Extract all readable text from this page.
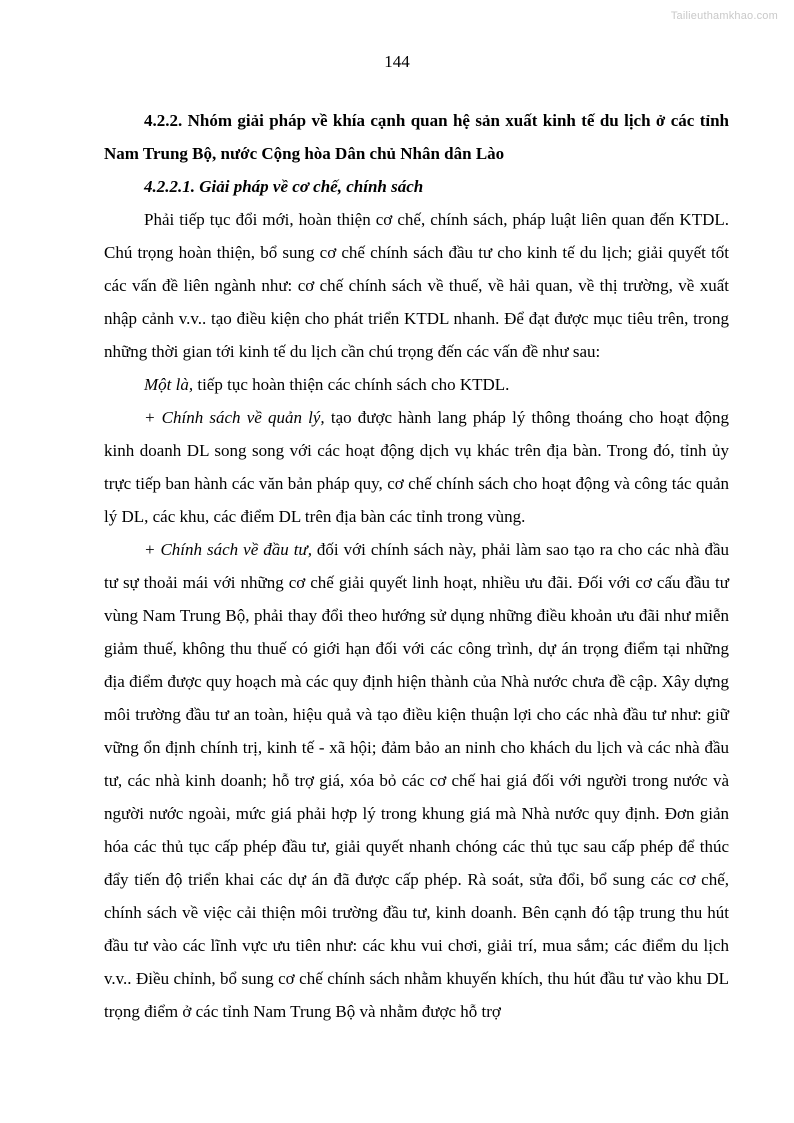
Tailieuthamkhao.com
144

4.2.2. Nhóm giải pháp về khía cạnh quan hệ sản xuất kinh tế du lịch ở các tỉnh Nam Trung Bộ, nước Cộng hòa Dân chủ Nhân dân Lào

4.2.2.1. Giải pháp về cơ chế, chính sách

Phải tiếp tục đổi mới, hoàn thiện cơ chế, chính sách, pháp luật liên quan đến KTDL. Chú trọng hoàn thiện, bổ sung cơ chế chính sách đầu tư cho kinh tế du lịch; giải quyết tốt các vấn đề liên ngành như: cơ chế chính sách về thuế, về hải quan, về thị trường, về xuất nhập cảnh v.v.. tạo điều kiện cho phát triển KTDL nhanh. Để đạt được mục tiêu trên, trong những thời gian tới kinh tế du lịch cần chú trọng đến các vấn đề như sau:

Một là, tiếp tục hoàn thiện các chính sách cho KTDL.

+ Chính sách về quản lý, tạo được hành lang pháp lý thông thoáng cho hoạt động kinh doanh DL song song với các hoạt động dịch vụ khác trên địa bàn. Trong đó, tỉnh ủy trực tiếp ban hành các văn bản pháp quy, cơ chế chính sách cho hoạt động và công tác quản lý DL, các khu, các điểm DL trên địa bàn các tỉnh trong vùng.

+ Chính sách về đầu tư, đối với chính sách này, phải làm sao tạo ra cho các nhà đầu tư sự thoải mái với những cơ chế giải quyết linh hoạt, nhiều ưu đãi. Đối với cơ cấu đầu tư vùng Nam Trung Bộ, phải thay đổi theo hướng sử dụng những điều khoản ưu đãi như miễn giảm thuế, không thu thuế có giới hạn đối với các công trình, dự án trọng điểm tại những địa điểm được quy hoạch mà các quy định hiện thành của Nhà nước chưa đề cập. Xây dựng môi trường đầu tư an toàn, hiệu quả và tạo điều kiện thuận lợi cho các nhà đầu tư như: giữ vững ổn định chính trị, kinh tế - xã hội; đảm bảo an ninh cho khách du lịch và các nhà đầu tư, các nhà kinh doanh; hỗ trợ giá, xóa bỏ các cơ chế hai giá đối với người trong nước và người nước ngoài, mức giá phải hợp lý trong khung giá mà Nhà nước quy định. Đơn giản hóa các thủ tục cấp phép đầu tư, giải quyết nhanh chóng các thủ tục sau cấp phép để thúc đẩy tiến độ triển khai các dự án đã được cấp phép. Rà soát, sửa đổi, bổ sung các cơ chế, chính sách về việc cải thiện môi trường đầu tư, kinh doanh. Bên cạnh đó tập trung thu hút đầu tư vào các lĩnh vực ưu tiên như: các khu vui chơi, giải trí, mua sắm; các điểm du lịch v.v.. Điều chỉnh, bổ sung cơ chế chính sách nhằm khuyến khích, thu hút đầu tư vào khu DL trọng điểm ở các tỉnh Nam Trung Bộ và nhằm được hỗ trợ
